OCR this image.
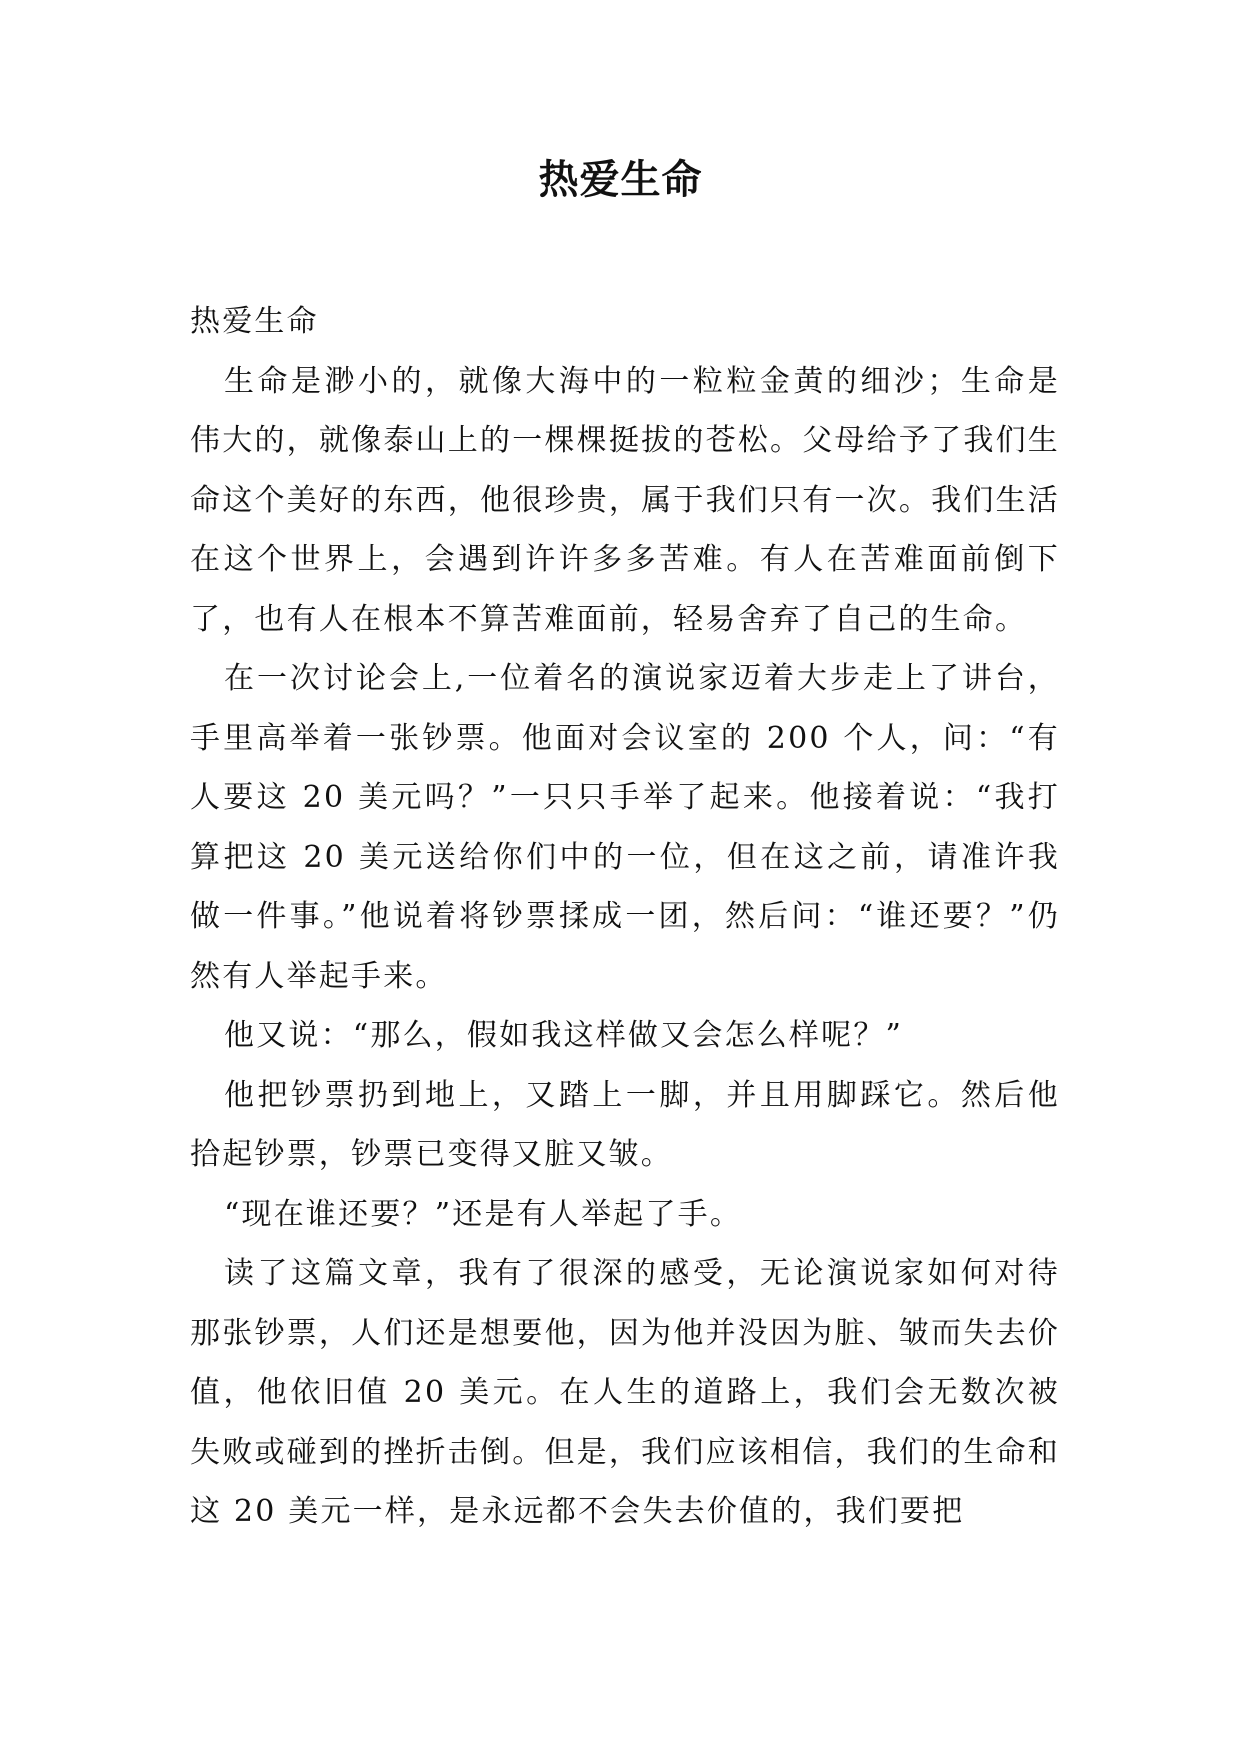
热爱生命

热爱生命

生命是渺小的，就像大海中的一粒粒金黄的细沙；生命是伟大的，就像泰山上的一棵棵挺拔的苍松。父母给予了我们生命这个美好的东西，他很珍贵，属于我们只有一次。我们生活在这个世界上，会遇到许许多多苦难。有人在苦难面前倒下了，也有人在根本不算苦难面前，轻易舍弃了自己的生命。

在一次讨论会上,一位着名的演说家迈着大步走上了讲台，手里高举着一张钞票。他面对会议室的 200 个人，问：“有人要这 20 美元吗？”一只只手举了起来。他接着说：“我打算把这 20 美元送给你们中的一位，但在这之前，请准许我做一件事。”他说着将钞票揉成一团，然后问：“谁还要？”仍然有人举起手来。

他又说：“那么，假如我这样做又会怎么样呢？”

他把钞票扔到地上，又踏上一脚，并且用脚踩它。然后他拾起钞票，钞票已变得又脏又皱。

“现在谁还要？”还是有人举起了手。

读了这篇文章，我有了很深的感受，无论演说家如何对待那张钞票，人们还是想要他，因为他并没因为脏、皱而失去价值，他依旧值 20 美元。在人生的道路上，我们会无数次被失败或碰到的挫折击倒。但是，我们应该相信，我们的生命和这 20 美元一样，是永远都不会失去价值的，我们要把
